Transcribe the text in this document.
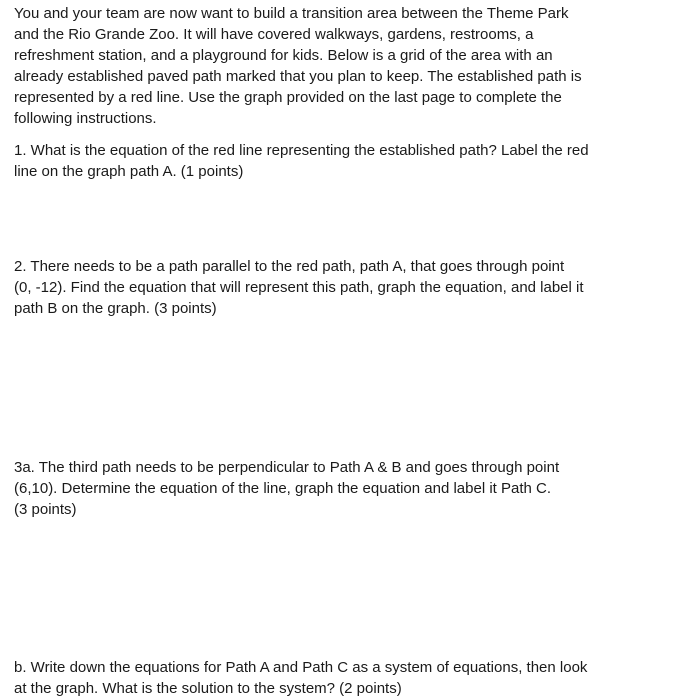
You and your team are now want to build a transition area between the Theme Park
and the Rio Grande Zoo. It will have covered walkways, gardens, restrooms, a
refreshment station, and a playground for kids. Below is a grid of the area with an
already established paved path marked that you plan to keep. The established path is
represented by a red line. Use the graph provided on the last page to complete the
following instructions.

1. What is the equation of the red line representing the established path? Label the red
line on the graph path A. (1 points)

2. There needs to be a path parallel to the red path, path A, that goes through point
(0, -12). Find the equation that will represent this path, graph the equation, and label it
path B on the graph. (3 points)

3a. The third path needs to be perpendicular to Path A & B and goes through point
(6,10). Determine the equation of the line, graph the equation and label it Path C.
(3 points)

b. Write down the equations for Path A and Path C as a system of equations, then look
at the graph. What is the solution to the system? (2 points)
